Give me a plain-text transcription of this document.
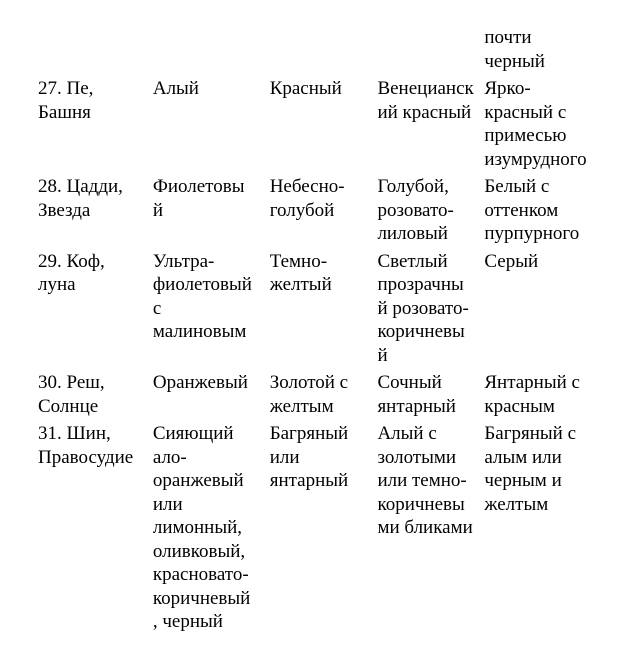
				почти
черный
27. Пе,
Башня	Алый	Красный	Венецианск
ий красный	Ярко-
красный с
примесью
изумрудного
28. Цадди,
Звезда	Фиолетовы
й	Небесно-
голубой	Голубой,
розовато-
лиловый	Белый с
оттенком
пурпурного
29. Коф,
луна	Ультра-
фиолетовый
с
малиновым	Темно-
желтый	Светлый
прозрачны
й розовато-
коричневы
й	Серый
30. Реш,
Солнце	Оранжевый	Золотой с
желтым	Сочный
янтарный	Янтарный с
красным
31. Шин,
Правосудие	Сияющий
ало-
оранжевый
или
лимонный,
оливковый,
красновато-
коричневый
, черный	Багряный
или
янтарный	Алый с
золотыми
или темно-
коричневы
ми бликами	Багряный с
алым или
черным и
желтым
